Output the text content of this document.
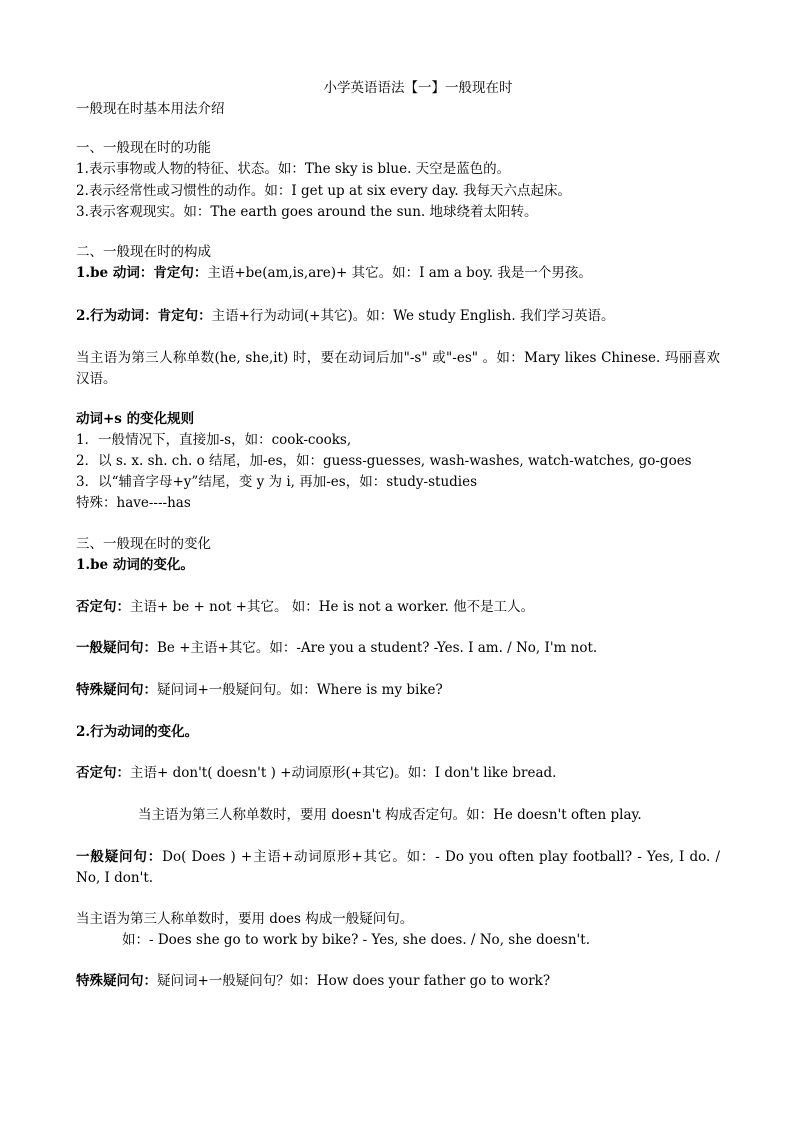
小学英语语法【一】一般现在时
一般现在时基本用法介绍
一、一般现在时的功能
1.表示事物或人物的特征、状态。如：The sky is blue. 天空是蓝色的。
2.表示经常性或习惯性的动作。如：I get up at six every day. 我每天六点起床。
3.表示客观现实。如：The earth goes around the sun. 地球绕着太阳转。
二、一般现在时的构成
1.be 动词：肯定句：主语+be(am,is,are)+ 其它。如：I am a boy. 我是一个男孩。
2.行为动词：肯定句：主语+行为动词(+其它)。如：We study English. 我们学习英语。
当主语为第三人称单数(he, she,it) 时，要在动词后加"-s" 或"-es" 。如：Mary likes Chinese. 玛丽喜欢汉语。
动词+s 的变化规则
1．一般情况下，直接加-s，如：cook-cooks,
2．以 s. x. sh. ch. o 结尾，加-es，如：guess-guesses, wash-washes, watch-watches, go-goes
3．以“辅音字母+y”结尾，变 y 为 i, 再加-es，如：study-studies
特殊：have----has
三、一般现在时的变化
1.be 动词的变化。
否定句：主语+ be + not +其它。 如：He is not a worker. 他不是工人。
一般疑问句：Be +主语+其它。如：-Are you a student? -Yes. I am. / No, I'm not.
特殊疑问句：疑问词+一般疑问句。如：Where is my bike?
2.行为动词的变化。
否定句：主语+ don't( doesn't ) +动词原形(+其它)。如：I don't like bread.
当主语为第三人称单数时，要用 doesn't 构成否定句。如：He doesn't often play.
一般疑问句：Do( Does ) +主语+动词原形+其它。如：- Do you often play football? - Yes, I do. / No, I don't.
当主语为第三人称单数时，要用 does 构成一般疑问句。
如：- Does she go to work by bike? - Yes, she does. / No, she doesn't.
特殊疑问句：疑问词+一般疑问句？如：How does your father go to work?
